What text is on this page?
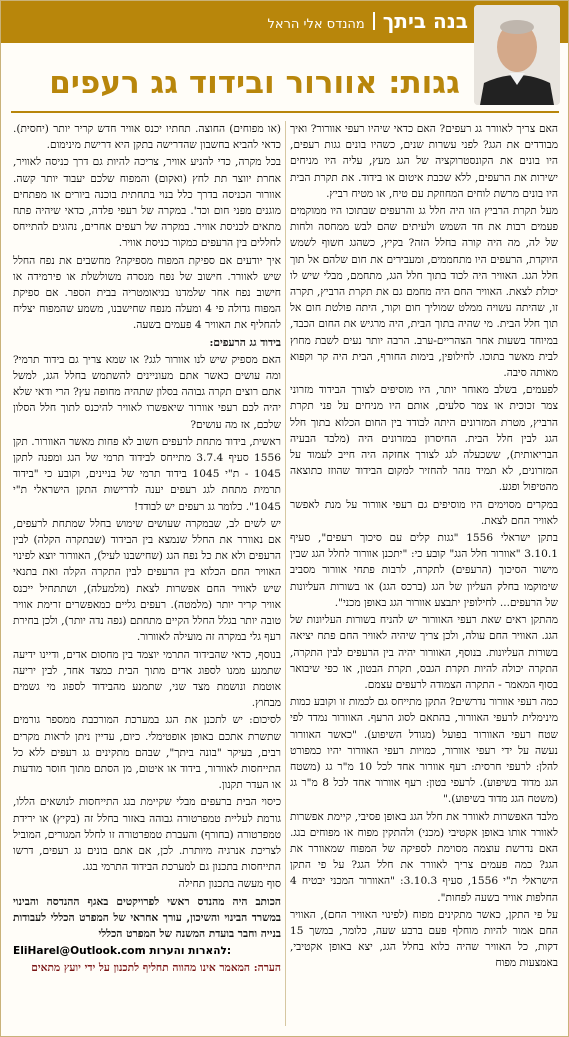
בנה ביתךמהנדס אלי הראל
גגות: אוורור ובידוד גג רעפים

האם צריך לאוורר גג רעפים? האם כדאי שיהיו רעפי אוורור? ואיך מבודדים את הגג? לפני עשרות שנים, כשהיו בונים גגות רעפים, היו בונים את הקונסטרוקציה של הגג מעץ, עליה היו מניחים ישירות את הרעפים, ללא שכבת איטום או בידוד. את תקרת הבית היו בונים מרשת לוחים המחוזקת עם טיח, או מטיח רביץ.

מעל תקרת הרביץ הזו היה חלל גג והרעפים שבתוכו היו ממוקמים פעמים רבות את חד השמש ולעיתים שהם לבש ממחסה ולחות של לה, מה היה קורה בחלל הזה? בקיץ, כשהגג חשוף לשמש היוקדת, הרעפים היו מתחממים, ומעבירים את חום שלהם אל תוך חלל הגג. האוויר היה לכוד בתוך חלל הגג, מתחמם, מבלי שיש לו יכולת לצאת. האוויר החם היה מחמם גם את תקרת הרביץ, תקרה זו, שהיתה עשויה ממלט שמוליך חום וקור, היתה פולטת חום אל תוך חלל הבית. מי שהיה בתוך הבית, היה מרגיש את החום הכבד, במיוחד בשעות אחר הצהריים-ערב. הרבה יותר נעים לשבת מחוץ לבית מאשר בתוכו. לחילופין, בימות החורף, הבית היה קר וקפוא מאותה סיבה.

לפעמים, בשלב מאוחר יותר, היו מוסיפים לצורך הבידוד מזרוני צמר זכוכית או צמר סלעים, אותם היו מניחים על פני תקרת הרביץ, מטרת המזרונים היתה לבודד בין החום הכלוא בתוך חלל הגג לבין חלל הבית. החיסרון במזרונים היה (מלבד הבעיה הבריאותית), ששכעלה לגג לצורך אחזקה היה חייב לעמוד על המזרונים, לא תמיד נזהר להחזיר למקום הבידוד שהוזז כתוצאה מהטיפול ופגע.

במקרים מסוימים היו מוסיפים גם רעפי אוורור על מנת לאפשר לאוויר החם לצאת.

בתקן ישראלי 1556 "גגות קלים עם סיכוך רעפים", סעיף 3.10.1 "אוורור חלל הגג" קובע כי: "יתכנן אוורור לחלל הגג שבין מישור הסיכוך (הרעפים) לתקרה, לרבות פתחי אוורור מסביב שימוקמו בחלק העליון של הגג (ברכס הגג) או בשורות העליונות של הרעפים... לחילופין יתבצע אוורור הגג באופן מכני".

מהתקן ראים שאת רעפי האוורור יש להניח בשורות העליונות של הגג. האוויר החם עולה, ולכן צריך שיהיה לאוויר החם פתח יציאה בשורות העליונות. בנוסף, האוורור יהיה בין הרעפים לבין התקרה, התקרה יכולה להיות תקרת הגבס, תקרת הבטון, או כפי שיבואר בסוף המאמר - התקרה הצמודה לרעפים עצמם.

כמה רעפי אוורור נדרשים? התקן מתייחס גם לכמות זו וקובע כמות מינימלית לרעפי האוורור, בהתאם לסוג הרעף. האוורור נמדד לפי שטח רעפי האוורור בפועל (מגודל השיפוע). "כאשר האוורור נעשה על ידי רעפי אוורור, כמויות רעפי האוורור יהיו כמפורט להלן: לרעפי חרסית: רעף אוורור אחד לכל 10 מ"ר גג (משטח הגג מדוד בשיפוע). לרעפי בטון: רעף אוורור אחד לכל 8 מ"ר גג (משטח הגג מדוד בשיפוע)."

מלבד האפשרות לאוורר את חלל הגג באופן פסיבי, קיימת אפשרות לאוורר אותו באופן אקטיבי (מכני) ולהתקין מפוח או מפוחים בגג. האם נדרשת עוצמה מסוימת לספיקה של המפוח שמאוורר את הגג? כמה פעמים צריך לאוורר את חלל הגג? על פי התקן הישראלי ת"י 1556, סעיף 3.10.3: "האוורור המכני יבטיח 4 החלפות אוויר בשעה לפחות".

על פי התקן, כאשר מתקינים מפוח (לפינוי האוויר החם), האוויר החם אמור להיות מוחלף פעם ברבע שעה, כלומר, במשך 15 דקות, כל האוויר שהיה כלוא בחלל הגג, יצא באופן אקטיבי, באמצעות מפוח

(או מפוחים) החוצה. תחתיו יכנס אוויר חדש קריר יותר (יחסית). כדאי להביא בחשבון שהדרישה בתקן היא דרישת מינימום.

בכל מקרה, כדי להניע אוויר, צריכה להיות גם דרך כניסה לאוויר, אחרת יווצר תת לחץ (ואקום) והמפוח שלכם יעבוד יותר קשה. אוורור הכניסה בדרך כלל בנוי בתחתית בוכנה ביורים או מפתחים מוגנים מפני חום וכד'. במקרה של רעפי פלדה, כדאי שיהיה פתח מתאים לכניסת אוויר. במקרה של רעפים אחרים, נהוגים להתייחס לחללים בין הרעפים כמקור כניסת אוויר.

איך יודעים אם ספיקת המפוח מספיקה? מחשבים את נפח החלל שיש לאוורר. חישוב של נפח מנסרה משולשלת או פירמידה או חישוב נפח אחר שלמדנו בגיאומטריה בבית הספר. אם ספיקת המפוח גדולה פי 4 ומעלה מנפח שחישבנו, משמע שהמפוח יצליח להחליף את האוויר 4 פעמים בשעה.

בידוד גג הרעפים:

האם מספיק שיש לנו אוורור לגג? או שמא צריך גם בידוד תרמי? ומה עושים כאשר אתם מעוניינים להשתמש בחלל הגג, למשל אתם רוצים תקרה גבוהה בסלון שתהיה מחופה עץ? הרי ודאי שלא יהיה לכם רעפי אוורור שיאפשרו לאוויר להיכנס לתוך חלל הסלון שלכם, אז מה עושים?

ראשית, בידוד מתחת לרעפים חשוב לא פחות מאשר האוורור. תקן 1556 סעיף 3.7.4 מתייחס לבידוד תרמי של הגג ומפנה לתקן 1045 - ת"י 1045 בידוד תרמי של בניינים, וקובע כי "בידוד תרמית מתחת לגג רעפים יענה לדרישות התקן הישראלי ת"י 1045". כלומר גג רעפים יש לבודד!

יש לשים לב, שבמקרה שעושים שימוש בחלל שמתחת לרעפים, אם נאוורר את החלל שנמצא בין הבידוד (שבתקרה הקלה) לבין הרעפים ולא את כל נפח הגג (שחישבנו לעיל), האוורור יוצא לפינוי האוויר החם הכלוא בין הרעפים לבין התקרה הקלה ואת בתנאי שיש לאוויר החם אפשרות לצאת (מלמעלה), ושתתחיל ייכנס אוויר קריר יותר (מלמטה). רעפים גליים כמאפשרים זרימת אוויר טובה יותר בגלל החלל הקיים מתחתם (גפה נדה יותר), ולכן בחירת רעף גלי במקרה זה מועילה לאוורור.

בנוסף, כדאי שהבידוד התרמי יוצמד בין מחסום אדים, ודיינו ידיעה שתמנע ממנו לספוג אדים מתוך הבית כמצד אחד, לבין יריעה אוטמת ונושמת מצד שני, שתמנע מהבידוד לספוג מי גשמים מבחוץ.

לסיכום: יש לתכנן את הגג במערכת המורכבת ממספר גורמים שתשרת אתכם באופן אופטימלי. כיום, עדיין ניתן לראות מקרים רבים, בעיקר "בונה ביתך", שבהם מתקינים גג רעפים ללא כל התייחסות לאוורור, בידוד או איטום, מן הסתם מתוך חוסר מודעות או העדר תקנון.

כיסוי הבית ברעפים מבלי שקיימת בגג התייחסות לנושאים הללו, גורמת לעליית טמפרטורה גבוהה באזור בחלל זה (בקיץ) או ירידת טמפרטורה (בחורף) והעברת טמפרטורה זו לחלל המגורים, המוביל לצריכת אנרגיה מיותרת. לכן, אם אתם בונים גג רעפים, דרשו התייחסות בתכנון גם למערכת הבידוד התרמי בגג.

סוף מעשה בתכנון תחילה

הכותב היה מהנדס ראשי לפרויקטים באגף ההנדסה והבינוי במשרד הבינוי והשיכון, עורך אחראי של המפרט הכללי לעבודות בנייה וחבר בועדת המשנה של המפרט הכללי

EliHarel@Outlook.com להארות והערות:

הערה: המאמר אינו מהווה תחליף לתכנון על ידי יועץ מתאים
